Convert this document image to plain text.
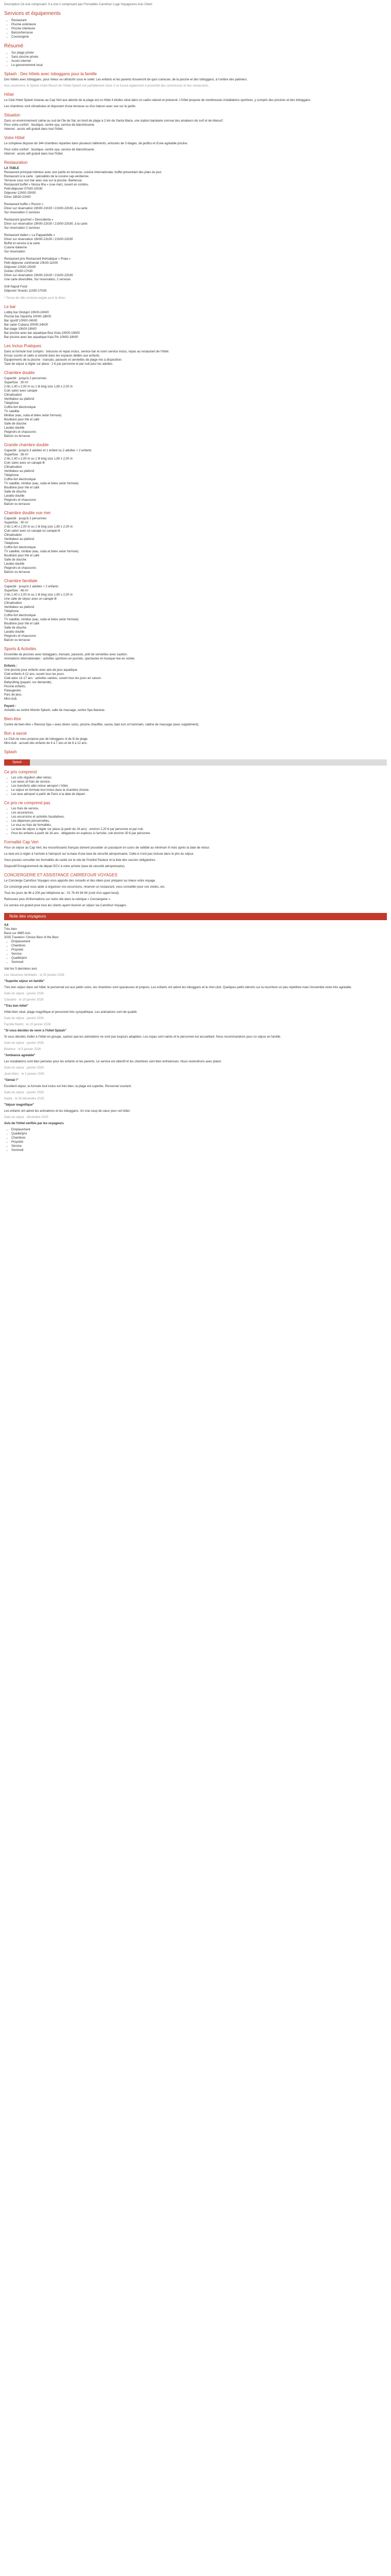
Description Cé une composant. Il a une n composant pas Formalités Carrefour Luge Voyageures Avis Client

Services et équipements
▪ Restaurant
▪ Piscine extérieure
▪ Piscine intérieure
▪ Balcon/terrasse
▪ Conciergerie
Résumé
▪ Sur plage privée
▪ Sans piscine privée
▪ Accès internet
▪ Le gouvernement local
Splash : Des hôtels avec toboggans pour la famille

Des hôtels avec toboggans, pour mieux se rafraîchir sous le soleil. Les enfants et les parents trouveront de quoi s'amuser, de la piscine et des toboggans, à l'ombre des palmiers.

Non seulement, le Splash Hotel Resort de l'Hôtel Splash est parfaitement situé, il se trouve également à proximité des commerces et des restaurants.

Hôtel

Le Club Hotel Splash Ananas au Cap Vert aux abords de la plage est un hôtel 4 étoiles situé dans un cadre naturel et préservé. L'hôtel propose de nombreuses installations sportives, y compris des piscines et des toboggans.

Les chambres sont climatisées et disposent d'une terrasse ou d'un balcon avec vue sur le jardin.

Situation

Dans un environnement calme au sud de l'île de Sal, en bord de plage à 2 km de Santa Maria, une station balnéaire connue des amateurs de surf et de kitesurf.

Pour votre confort : boutique, centre spa, service de blanchisserie.

Internet : accès wifi gratuit dans tout l'hôtel.

Votre Hôtel

Le complexe dispose de 344 chambres réparties dans plusieurs bâtiments, entourés de 3 étages, de jardins et d'une agréable piscine.

Pour votre confort : boutique, centre spa, service de blanchisserie.

Internet : accès wifi gratuit dans tout l'hôtel.

Restauration

LA TABLE

Restaurant principal intérieur avec une partie en terrasse, cuisine internationale, buffet présentant des plats du jour.

Restaurant à la carte : spécialités de la cuisine cap-verdienne.

Terrasse sous son bar avec vue sur la piscine. Barbecue.

Restaurant buffet « Nossa Ilha » (vue mer), ouvert en continu.

Petit-déjeuner 07h30-10h30

Déjeuner 12h00-15h00

Dîner 18h30-22h00

Restaurant buffet « Rossio »

Dîner sur réservation 19h00-21h30 / 21h00-22h30, à la carte

Sur réservation 2 services

Restaurant gourmet « Descoberta »

Dîner sur réservation 19h00-21h30 / 21h00-22h30, à la carte

Sur réservation 2 services

Restaurant italien « La Pappardelle »

Dîner sur réservation 19h00-21h30 / 21h00-22h30

Buffet et service à la carte

Cuisine italienne

Sur réservation

Restaurant pris Restaurant thématique « Praia »

Petit déjeuner continental 10h30-11h00

Déjeuner 12h30-15h00

Goûter 15h30-17h30

Dîner sur réservation 19h00-21h30 / 21h00-22h30

Une carte diversifiée, Sur réservation, 2 services

Grill Napoli Food

Déjeuner Snacks 11h30-17h30

* Tenue de ville correcte exigée pour le dîner.

Le bar

Lobby bar Ondupri 10h00-24h00

Piscine bar Oquinha 10h00-18h00

Bar sportif 10h00-24h00

Bar salon Cubana 20h00-24h00

Bar plage 10h00-18h00

Bar piscine avec bar aquatique Boa Vista 10h00-18h00

Bar piscine avec bar aquatique Kalu Pin 10h00-18h00

Les Inclus Pratiques

Dans la formule tout compris : boissons et repas inclus, service bar et room service inclus, repas au restaurant de l'hôtel.

Encas sucrés et salés à volonté dans les espaces dédiés aux enfants.

Équipements de la piscine : transats, parasols et serviettes de plage mis à disposition.

Taxe de séjour à régler sur place : 2 € par personne et par nuit pour les adultes.

Chambre double

Capacité : jusqu'à 2 personnes

Superficie : 30 m²

2 lits 1,40 x 2,00 m ou 1 lit king size 1,80 x 2,00 m

Coin salon avec canapé

Climatisation

Ventilateur au plafond

Téléphone

Coffre-fort électronique

TV satellite

Minibar (eau, soda et bière selon formule)

Bouilloire pour thé et café

Salle de douche

Lavabo double

Peignoirs et chaussons

Balcon ou terrasse

Grande chambre double

Capacité : jusqu'à 3 adultes et 1 enfant ou 2 adultes + 2 enfants

Superficie : 36 m²

2 lits 1,40 x 2,00 m ou 1 lit king size 1,80 x 2,00 m

Coin salon avec un canapé-lit

Climatisation

Ventilateur au plafond

Téléphone

Coffre-fort électronique

TV satellite, minibar (eau, soda et bière selon formule)

Bouilloire pour thé et café

Salle de douche

Lavabo double

Peignoirs et chaussons

Balcon ou terrasse

Chambre double vue mer

Capacité : jusqu'à 2 personnes

Superficie : 30 m²

2 lits 1,40 x 2,00 m ou 1 lit king size 1,80 x 2,00 m

Coin salon avec un canapé ou canapé-lit

Climatisation

Ventilateur au plafond

Téléphone

Coffre-fort électronique

TV satellite, minibar (eau, soda et bière selon formule)

Bouilloire pour thé et café

Salle de douche

Lavabo double

Peignoirs et chaussons

Balcon ou terrasse

Chambre familiale

Capacité : jusqu'à 2 adultes + 2 enfants

Superficie : 46 m²

2 lits 1,40 x 2,00 m ou 1 lit king size 1,80 x 2,00 m

Une salle de séjour avec un canapé-lit

Climatisation

Ventilateur au plafond

Téléphone

Coffre-fort électronique

TV satellite, minibar (eau, soda et bière selon formule)

Bouilloire pour thé et café

Salle de douche

Lavabo double

Peignoirs et chaussons

Balcon ou terrasse

Sports & Activités

Ensemble de piscines avec toboggans, transats, parasols, prêt de serviettes avec caution.

Animations internationales : activités sportives en journée, spectacles et musique live en soirée.

Enfants :

Une piscine pour enfants avec aire de jeux aquatique.

Club enfants 4-12 ans, ouvert tous les jours.

Club ados 13-17 ans : activités variées, ouvert tous les jours en saison.

Babysitting (payant, sur demande).

Piscine enfants.

Pataugeoire.

Parc de jeux.

Mini-club.

Payant :

Activités au centre Mundo Splash, salle de massage, centre Spa Ibanese.

Bien-être

Centre de bien-être « Renova Spa » avec divers soins, piscine chauffée, sauna, bain turc et hammam, cabine de massage (avec supplément).

Bon à savoir

Le Club ne vous propose pas de toboggans ni de lit de plage.

Mini-club : accueil des enfants de 4 à 7 ans et de 8 à 12 ans.

Splash
Splash
Ce prix comprend
▪ Les vols réguliers aller-retour,
▪ Les taxes et frais de service,
▪ Les transferts aller-retour aéroport / hôtel,
▪ Le séjour en formule tout inclus dans la chambre choisie.
▪ Les taux aéroport à partir de Paris à la date de départ.
Ce prix ne comprend pas
▪ Les frais de service,
▪ Les assurances,
▪ Les excursions et activités facultatives,
▪ Les dépenses personnelles,
▪ Le visa ou frais de formalités,
▪ La taxe de séjour à régler sur place (à partir de 16 ans) : environ 2,20 € par personne et par nuit.
▪ Pour les enfants à partir de 16 ans : obligatoire en espèces à l'arrivée, soit environ 30 € par personne.
Formalité Cap Vert

Pour un séjour au Cap Vert, les ressortissants français doivent posséder un passeport en cours de validité au minimum 6 mois après la date de retour.

Le taxe est à régler à l'arrivée à l'aéroport sur la base d'une taxe de sécurité aéroportuaire. Celle-ci n'est pas incluse dans le prix du séjour.

Vous pouvez consulter les formalités de santé sur le site de l'Institut Pasteur et la liste des vaccins obligatoires.

Dispositif Enregistrement de départ ECV à votre arrivée (taxe de sécurité aéroportuaire).

CONCIERGERIE ET ASSISTANCE CARREFOUR VOYAGES

Le Concierge Carrefour Voyages vous apporte des conseils et des idées pour préparer au mieux votre voyage.

Ce concierge peut vous aider à organiser vos excursions, réserver un restaurant, vous conseiller pour vos visites, etc.

Tous les jours de 9h à 20h par téléphone au : 01 76 44 94 94 (coût d'un appel local).

Retrouvez plus d'informations sur notre site dans la rubrique « Conciergerie ».

Ce service est gratuit pour tous les clients ayant réservé un séjour via Carrefour Voyages.

Note des voyageurs

4,6

Très bien

Basé sur 4885 Avis

2025 Travelers' Choice Best of the Best

▪ Emplacement
▪ Chambres
▪ Propreté
▪ Service
▪ Qualité/prix
▪ Sommeil

Voir les 5 dernières avis

Les Vacances familiales · le 20 janvier 2026

"Superbe séjour en famille"

Très bon séjour dans cet hôtel, le personnel est aux petits soins, les chambres sont spacieuses et propres. Les enfants ont adoré les toboggans et le mini-club. Quelques petits bémols sur la nourriture un peu répétitive mais l'ensemble reste très agréable.

Date du séjour : janvier 2026

Claudine · le 19 janvier 2026

"Très bon hôtel"

Hôtel bien situé, plage magnifique et personnel très sympathique. Les animations sont de qualité.

Date du séjour : janvier 2026

Famille Martin · le 10 janvier 2026

"Si vous décidez de venir à l'hôtel Splash"

Si vous décidez d'aller à l'hôtel en groupe, sachez que les animations ne sont pas toujours adaptées. Les repas sont variés et le personnel est accueillant. Nous recommandons pour un séjour en famille.

Date du séjour : janvier 2026

Béatrice · le 5 janvier 2026

"Ambiance agréable"

Les installations sont bien pensées pour les enfants et les parents. Le service est attentif et les chambres sont bien entretenues. Nous reviendrons avec plaisir.

Date du séjour : janvier 2026

Jean-Marc · le 2 janvier 2026

"Génial !"

Excellent séjour, la formule tout inclus est très bien, la plage est superbe. Personnel souriant.

Date du séjour : janvier 2026

Nadia · le 28 décembre 2025

"Séjour magnifique"

Les enfants ont adoré les animations et les toboggans. Un vrai coup de cœur pour cet hôtel.

Date du séjour : décembre 2025

Avis de l'hôtel vérifiés par les voyageurs

▪ Emplacement
▪ Qualité/prix
▪ Chambres
▪ Propreté
▪ Service
▪ Sommeil
